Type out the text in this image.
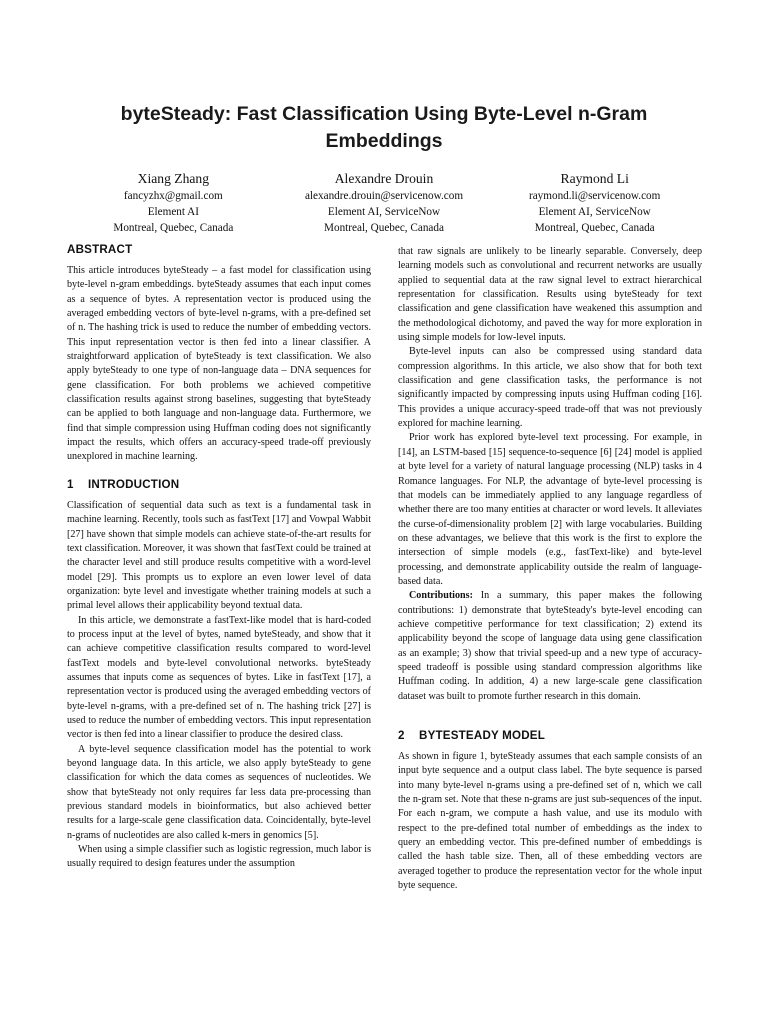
byteSteady: Fast Classification Using Byte-Level n-Gram Embeddings
Xiang Zhang
fancyzhx@gmail.com
Element AI
Montreal, Quebec, Canada
Alexandre Drouin
alexandre.drouin@servicenow.com
Element AI, ServiceNow
Montreal, Quebec, Canada
Raymond Li
raymond.li@servicenow.com
Element AI, ServiceNow
Montreal, Quebec, Canada
ABSTRACT

This article introduces byteSteady – a fast model for classification using byte-level n-gram embeddings. byteSteady assumes that each input comes as a sequence of bytes. A representation vector is produced using the averaged embedding vectors of byte-level n-grams, with a pre-defined set of n. The hashing trick is used to reduce the number of embedding vectors. This input representation vector is then fed into a linear classifier. A straightforward application of byteSteady is text classification. We also apply byteSteady to one type of non-language data – DNA sequences for gene classification. For both problems we achieved competitive classification results against strong baselines, suggesting that byteSteady can be applied to both language and non-language data. Furthermore, we find that simple compression using Huffman coding does not significantly impact the results, which offers an accuracy-speed trade-off previously unexplored in machine learning.

1 INTRODUCTION

Classification of sequential data such as text is a fundamental task in machine learning. Recently, tools such as fastText [17] and Vowpal Wabbit [27] have shown that simple models can achieve state-of-the-art results for text classification. Moreover, it was shown that fastText could be trained at the character level and still produce results competitive with a word-level model [29]. This prompts us to explore an even lower level of data organization: byte level and investigate whether training models at such a primal level allows their applicability beyond textual data.

In this article, we demonstrate a fastText-like model that is hard-coded to process input at the level of bytes, named byteSteady, and show that it can achieve competitive classification results compared to word-level fastText models and byte-level convolutional networks. byteSteady assumes that inputs come as sequences of bytes. Like in fastText [17], a representation vector is produced using the averaged embedding vectors of byte-level n-grams, with a pre-defined set of n. The hashing trick [27] is used to reduce the number of embedding vectors. This input representation vector is then fed into a linear classifier to produce the desired class.

A byte-level sequence classification model has the potential to work beyond language data. In this article, we also apply byteSteady to gene classification for which the data comes as sequences of nucleotides. We show that byteSteady not only requires far less data pre-processing than previous standard models in bioinformatics, but also achieved better results for a large-scale gene classification data. Coincidentally, byte-level n-grams of nucleotides are also called k-mers in genomics [5].

When using a simple classifier such as logistic regression, much labor is usually required to design features under the assumption

that raw signals are unlikely to be linearly separable. Conversely, deep learning models such as convolutional and recurrent networks are usually applied to sequential data at the raw signal level to extract hierarchical representation for classification. Results using byteSteady for text classification and gene classification have weakened this assumption and the methodological dichotomy, and paved the way for more exploration in using simple models for low-level inputs.

Byte-level inputs can also be compressed using standard data compression algorithms. In this article, we also show that for both text classification and gene classification tasks, the performance is not significantly impacted by compressing inputs using Huffman coding [16]. This provides a unique accuracy-speed trade-off that was not previously explored for machine learning.

Prior work has explored byte-level text processing. For example, in [14], an LSTM-based [15] sequence-to-sequence [6] [24] model is applied at byte level for a variety of natural language processing (NLP) tasks in 4 Romance languages. For NLP, the advantage of byte-level processing is that models can be immediately applied to any language regardless of whether there are too many entities at character or word levels. It alleviates the curse-of-dimensionality problem [2] with large vocabularies. Building on these advantages, we believe that this work is the first to explore the intersection of simple models (e.g., fastText-like) and byte-level processing, and demonstrate applicability outside the realm of language-based data.

Contributions: In a summary, this paper makes the following contributions: 1) demonstrate that byteSteady's byte-level encoding can achieve competitive performance for text classification; 2) extend its applicability beyond the scope of language data using gene classification as an example; 3) show that trivial speed-up and a new type of accuracy-speed tradeoff is possible using standard compression algorithms like Huffman coding. In addition, 4) a new large-scale gene classification dataset was built to promote further research in this domain.

2 BYTESTEADY MODEL

As shown in figure 1, byteSteady assumes that each sample consists of an input byte sequence and a output class label. The byte sequence is parsed into many byte-level n-grams using a pre-defined set of n, which we call the n-gram set. Note that these n-grams are just sub-sequences of the input. For each n-gram, we compute a hash value, and use its modulo with respect to the pre-defined total number of embeddings as the index to query an embedding vector. This pre-defined number of embeddings is called the hash table size. Then, all of these embedding vectors are averaged together to produce the representation vector for the whole input byte sequence.
